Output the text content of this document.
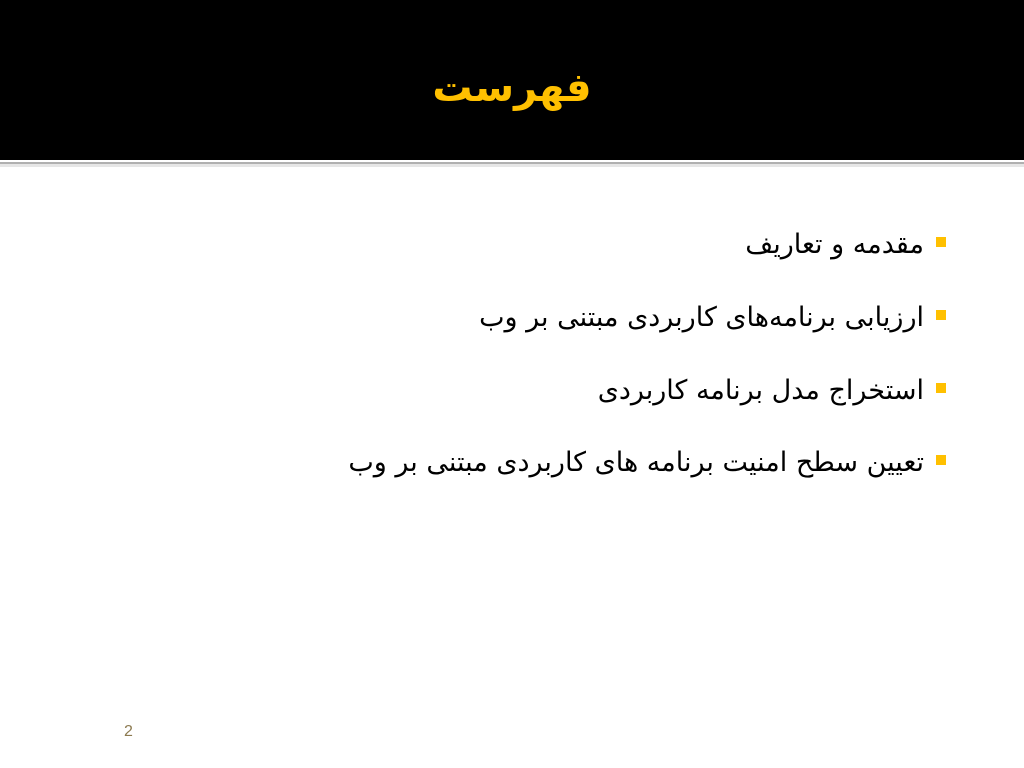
فهرست
مقدمه و تعاریف
ارزیابی برنامه‌های کاربردی مبتنی بر وب
استخراج مدل برنامه کاربردی
تعیین سطح امنیت برنامه های کاربردی مبتنی بر وب
2
